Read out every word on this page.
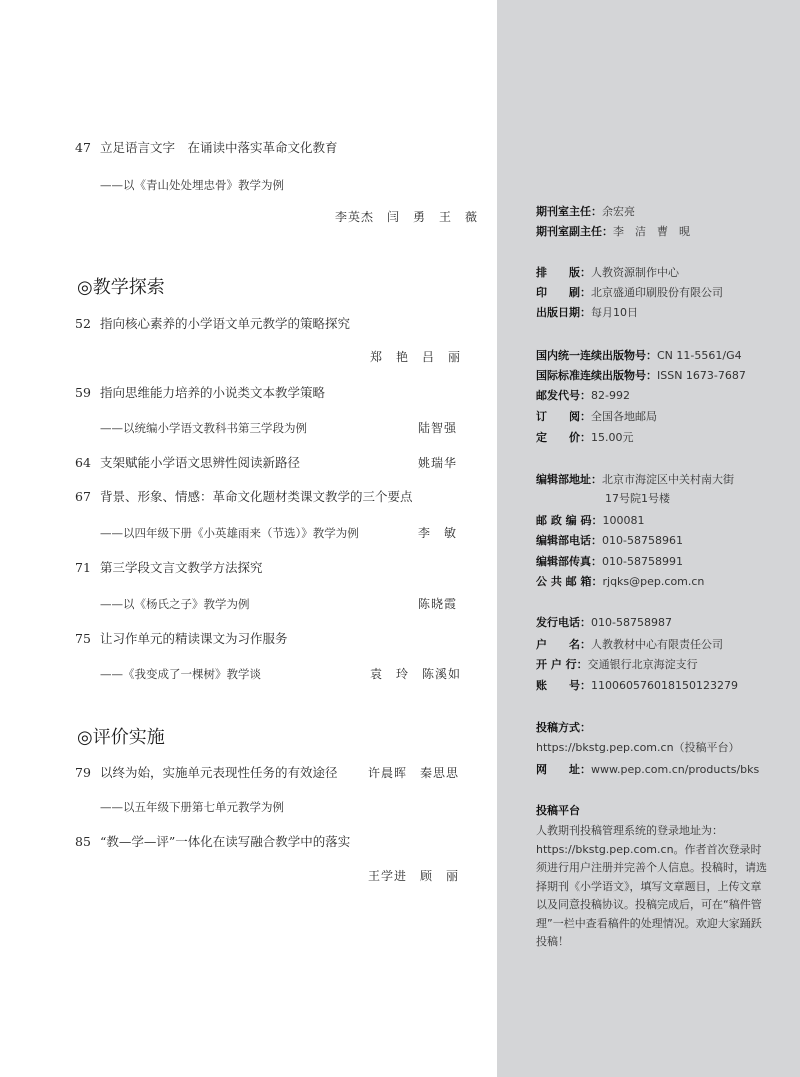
47 立足语言文字　在诵读中落实革命文化教育
——以《青山处处埋忠骨》教学为例
李英杰　闫　勇　王　薇
◎教学探索
52 指向核心素养的小学语文单元教学的策略探究
郑　艳　吕　丽
59 指向思维能力培养的小说类文本教学策略
——以统编小学语文教科书第三学段为例	陆智强
64 支架赋能小学语文思辨性阅读新路径	姚瑞华
67 背景、形象、情感：革命文化题材类课文教学的三个要点
——以四年级下册《小英雄雨来（节选）》教学为例	李　敏
71 第三学段文言文教学方法探究
——以《杨氏之子》教学为例	陈晓霞
75 让习作单元的精读课文为习作服务
——《我变成了一棵树》教学谈	袁　玲　陈溪如
◎评价实施
79 以终为始，实施单元表现性任务的有效途径	许晨晖　秦思思
——以五年级下册第七单元教学为例
85 “教—学—评”一体化在读写融合教学中的落实
王学进　顾　丽
期刊室主任：余宏亮
期刊室副主任：李　洁　曹　晛
排　　版：人教资源制作中心
印　　刷：北京盛通印刷股份有限公司
出版日期：每月10日
国内统一连续出版物号：CN 11-5561/G4
国际标准连续出版物号：ISSN 1673-7687
邮发代号：82-992
订　　阅：全国各地邮局
定　　价：15.00元
编辑部地址：北京市海淀区中关村南大街
17号院1号楼
邮 政 编 码：100081
编辑部电话：010-58758961
编辑部传真：010-58758991
公 共 邮 箱：rjqks@pep.com.cn
发行电话：010-58758987
户　　名：人教教材中心有限责任公司
开 户 行：交通银行北京海淀支行
账　　号：110060576018150123279
投稿方式：
https://bkstg.pep.com.cn（投稿平台）
网　　址：www.pep.com.cn/products/bks
投稿平台
人教期刊投稿管理系统的登录地址为：https://bkstg.pep.com.cn。作者首次登录时须进行用户注册并完善个人信息。投稿时，请选择期刊《小学语文》，填写文章题目，上传文章以及同意投稿协议。投稿完成后，可在“稿件管理”一栏中查看稿件的处理情况。欢迎大家踊跃投稿！
